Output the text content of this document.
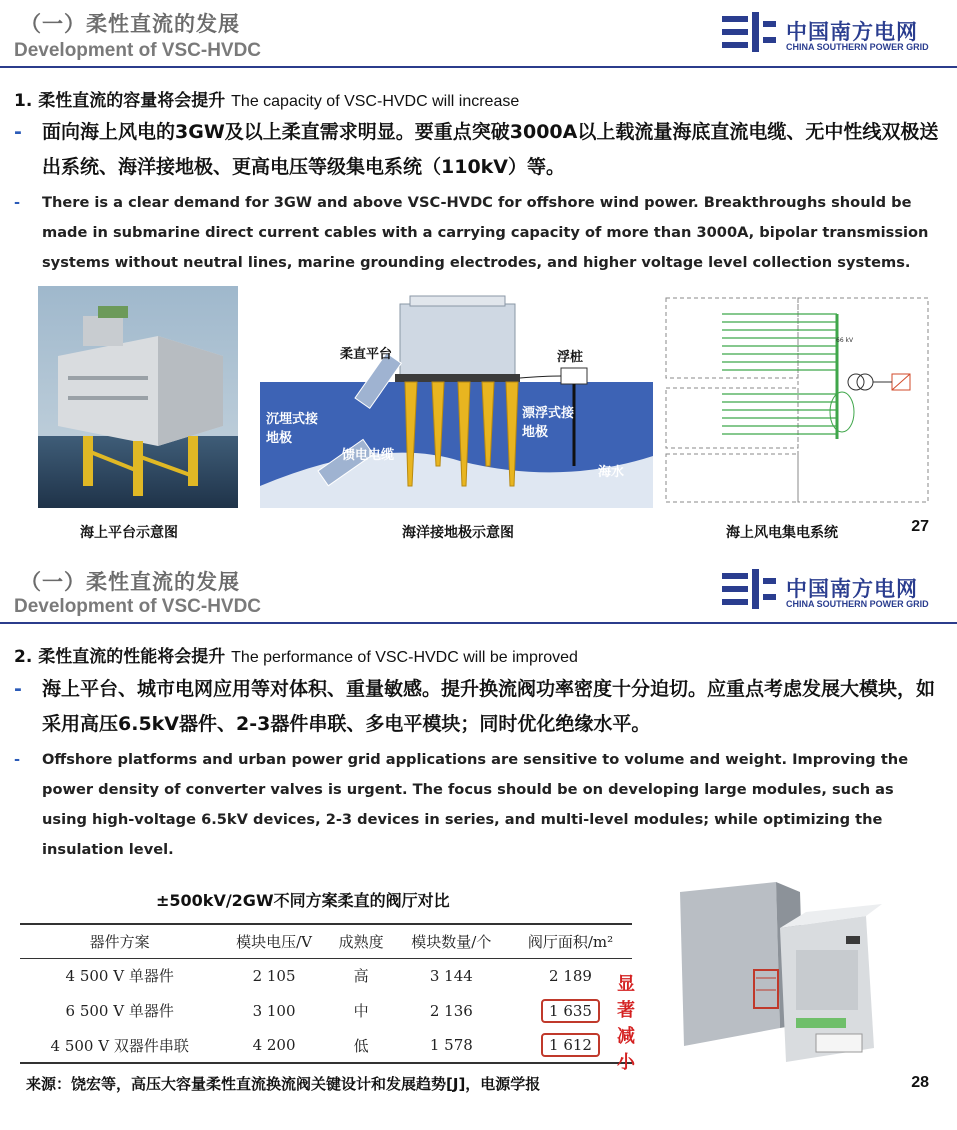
（一）柔性直流的发展
Development of VSC-HVDC
中国南方电网
CHINA SOUTHERN POWER GRID
1. 柔性直流的容量将会提升 The capacity of VSC-HVDC will increase
- 面向海上风电的3GW及以上柔直需求明显。要重点突破3000A以上载流量海底直流电缆、无中性线双极送出系统、海洋接地极、更高电压等级集电系统（110kV）等。
- There is a clear demand for 3GW and above VSC-HVDC for offshore wind power. Breakthroughs should be made in submarine direct current cables with a carrying capacity of more than 3000A, bipolar transmission systems without neutral lines, marine grounding electrodes, and higher voltage level collection systems.
柔直平台	浮桩
沉埋式接地极
漂浮式接地极
馈电电缆
海水
66 kV
海上平台示意图	海洋接地极示意图	海上风电集电系统	27
（一）柔性直流的发展
Development of VSC-HVDC
中国南方电网
CHINA SOUTHERN POWER GRID
2. 柔性直流的性能将会提升 The performance of VSC-HVDC will be improved
- 海上平台、城市电网应用等对体积、重量敏感。提升换流阀功率密度十分迫切。应重点考虑发展大模块，如采用高压6.5kV器件、2-3器件串联、多电平模块；同时优化绝缘水平。
- Offshore platforms and urban power grid applications are sensitive to volume and weight. Improving the power density of converter valves is urgent. The focus should be on developing large modules, such as using high-voltage 6.5kV devices, 2-3 devices in series, and multi-level modules; while optimizing the insulation level.
±500kV/2GW不同方案柔直的阀厅对比
器件方案	模块电压/V	成熟度	模块数量/个	阀厅面积/m²
4 500 V 单器件	2 105	高	3 144	2 189
6 500 V 单器件	3 100	中	2 136	1 635
4 500 V 双器件串联	4 200	低	1 578	1 612
显著减小
来源：饶宏等，高压大容量柔性直流换流阀关键设计和发展趋势[J]，电源学报	28
